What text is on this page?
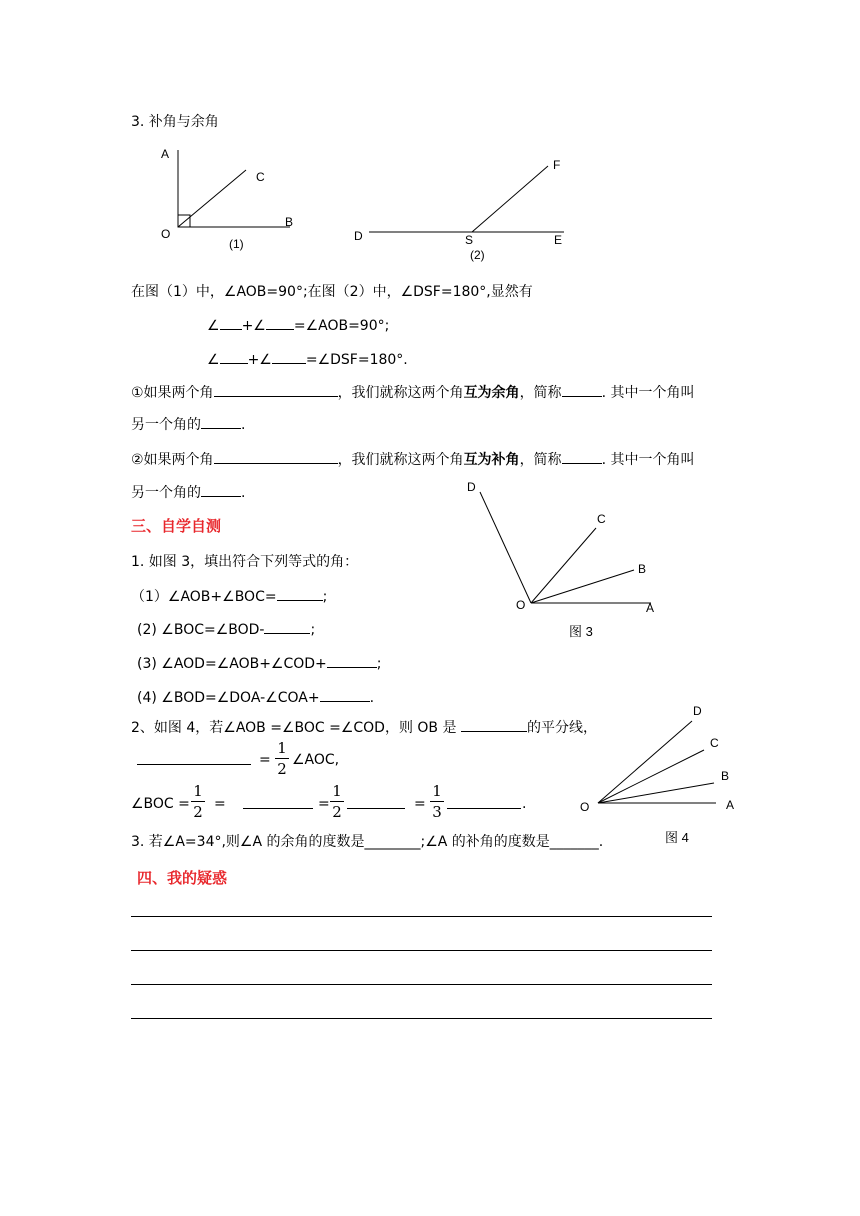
3. 补角与余角
A
C
O
B
(1)
F
D	S	E
(2)
在图（1）中，∠AOB=90°;在图（2）中，∠DSF=180°,显然有
∠ +∠ =∠AOB=90°;
∠ +∠ =∠DSF=180°.
①如果两个角	，我们就称这两个角互为余角，简称	. 其中一个角叫
另一个角的	.
②如果两个角	，我们就称这两个角互为补角，简称	. 其中一个角叫
另一个角的	.
三、自学自测
1. 如图 3，填出符合下列等式的角：
（1）∠AOB+∠BOC=	;
(2) ∠BOC=∠BOD-	;
(3) ∠AOD=∠AOB+∠COD+	;
(4) ∠BOD=∠DOA-∠COA+	.
D
C
B
O	A
图 3
2、如图 4，若∠AOB =∠BOC =∠COD，则 OB 是	的平分线，
=
1
2 ∠AOC,
∠BOC =
1
2 =	=
1
2	=
1
3	.
D
C
B
O	A
图 4
3. 若∠A=34°,则∠A 的余角的度数是________;∠A 的补角的度数是_______.
四、我的疑惑
